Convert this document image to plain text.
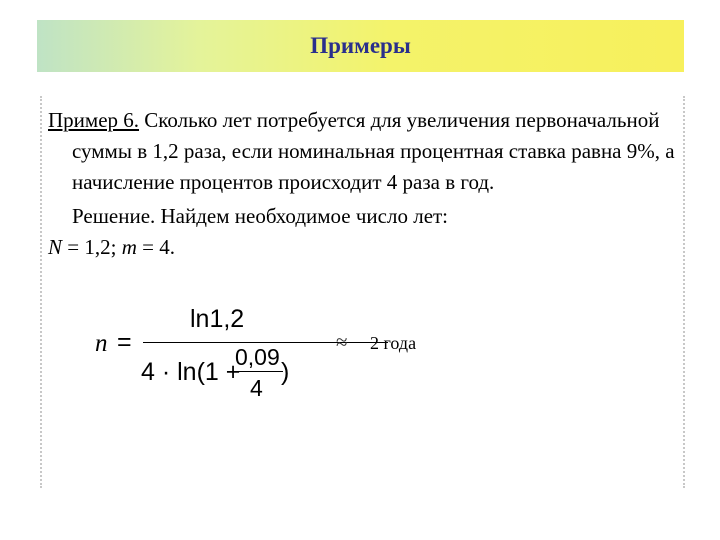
Примеры

Пример 6. Сколько лет потребуется для увеличения первоначальной суммы в 1,2 раза, если номинальная процентная ставка равна 9%, а начисление процентов происходит 4 раза в год.

Решение. Найдем необходимое число лет:

N = 1,2; m = 4.

n =
ln1,2
4 · ln(1 +
0,09
4
)
≈ 2 года
